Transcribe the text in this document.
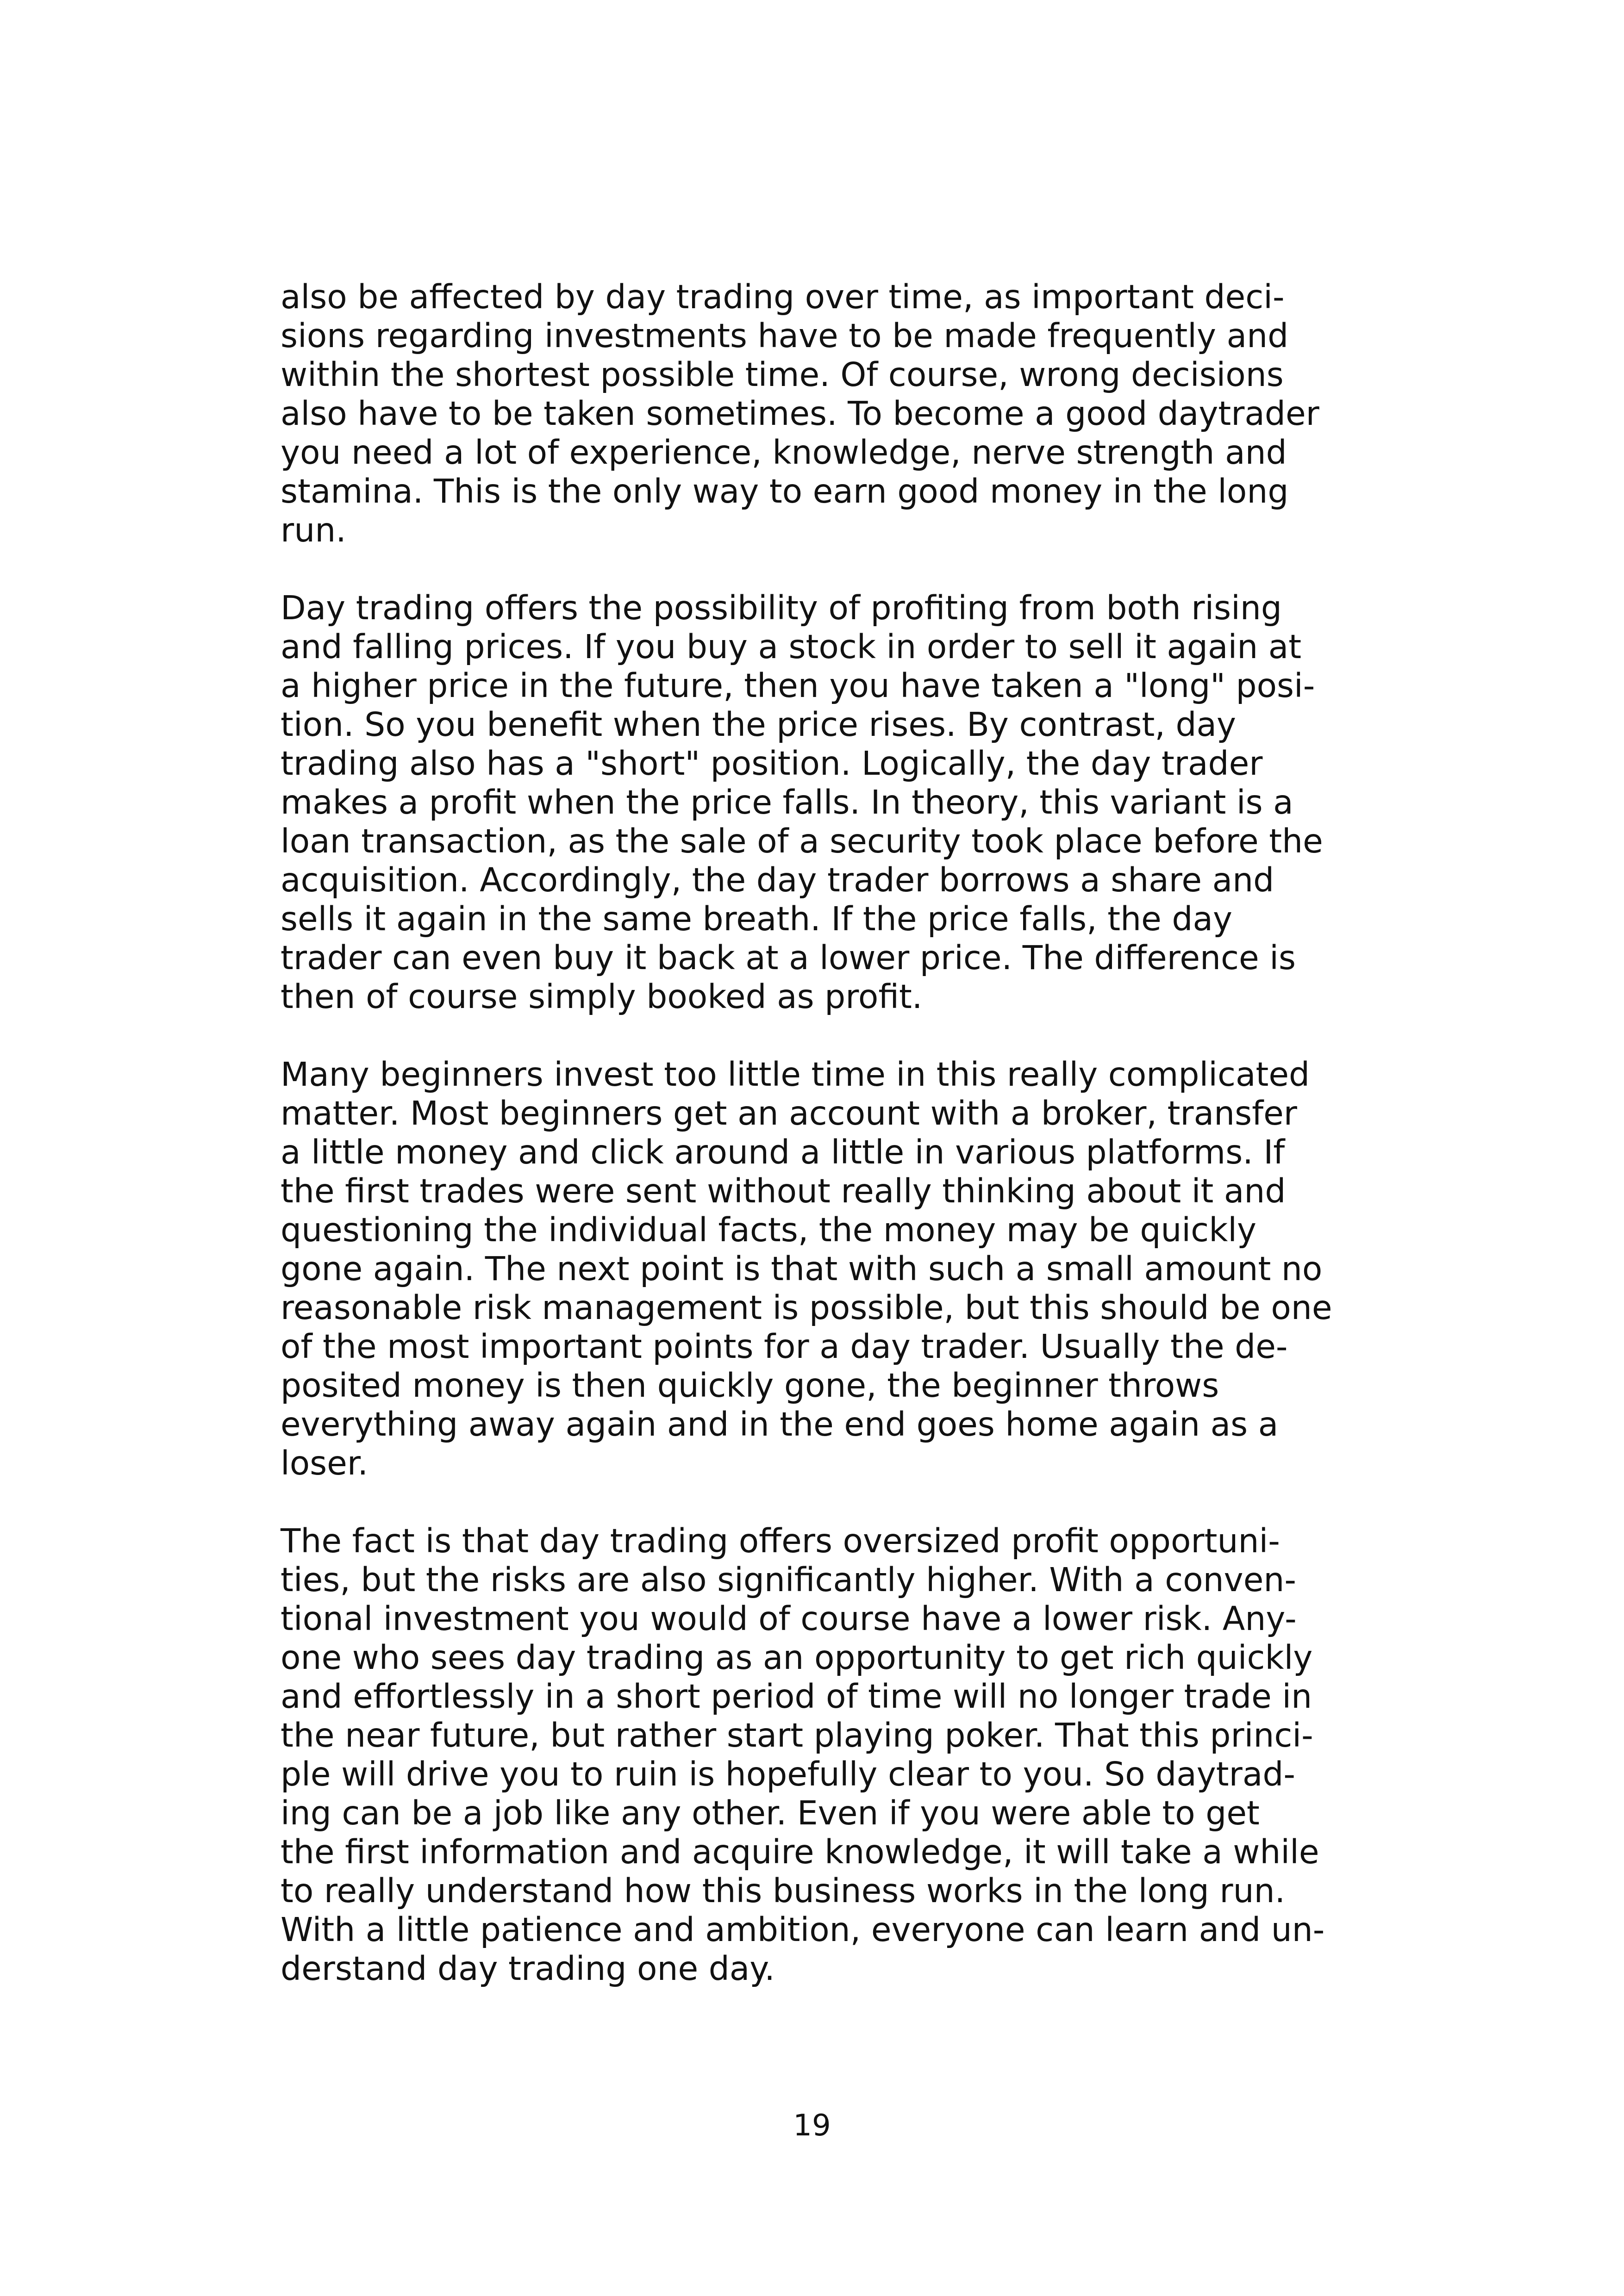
also be affected by day trading over time, as important deci-
sions regarding investments have to be made frequently and
within the shortest possible time. Of course, wrong decisions
also have to be taken sometimes. To become a good daytrader
you need a lot of experience, knowledge, nerve strength and
stamina. This is the only way to earn good money in the long
run.

Day trading offers the possibility of profiting from both rising
and falling prices. If you buy a stock in order to sell it again at
a higher price in the future, then you have taken a "long" posi-
tion. So you benefit when the price rises. By contrast, day
trading also has a "short" position. Logically, the day trader
makes a profit when the price falls. In theory, this variant is a
loan transaction, as the sale of a security took place before the
acquisition. Accordingly, the day trader borrows a share and
sells it again in the same breath. If the price falls, the day
trader can even buy it back at a lower price. The difference is
then of course simply booked as profit.

Many beginners invest too little time in this really complicated
matter. Most beginners get an account with a broker, transfer
a little money and click around a little in various platforms. If
the first trades were sent without really thinking about it and
questioning the individual facts, the money may be quickly
gone again. The next point is that with such a small amount no
reasonable risk management is possible, but this should be one
of the most important points for a day trader. Usually the de-
posited money is then quickly gone, the beginner throws
everything away again and in the end goes home again as a
loser.

The fact is that day trading offers oversized profit opportuni-
ties, but the risks are also significantly higher. With a conven-
tional investment you would of course have a lower risk. Any-
one who sees day trading as an opportunity to get rich quickly
and effortlessly in a short period of time will no longer trade in
the near future, but rather start playing poker. That this princi-
ple will drive you to ruin is hopefully clear to you. So daytrad-
ing can be a job like any other. Even if you were able to get
the first information and acquire knowledge, it will take a while
to really understand how this business works in the long run.
With a little patience and ambition, everyone can learn and un-
derstand day trading one day.

19
